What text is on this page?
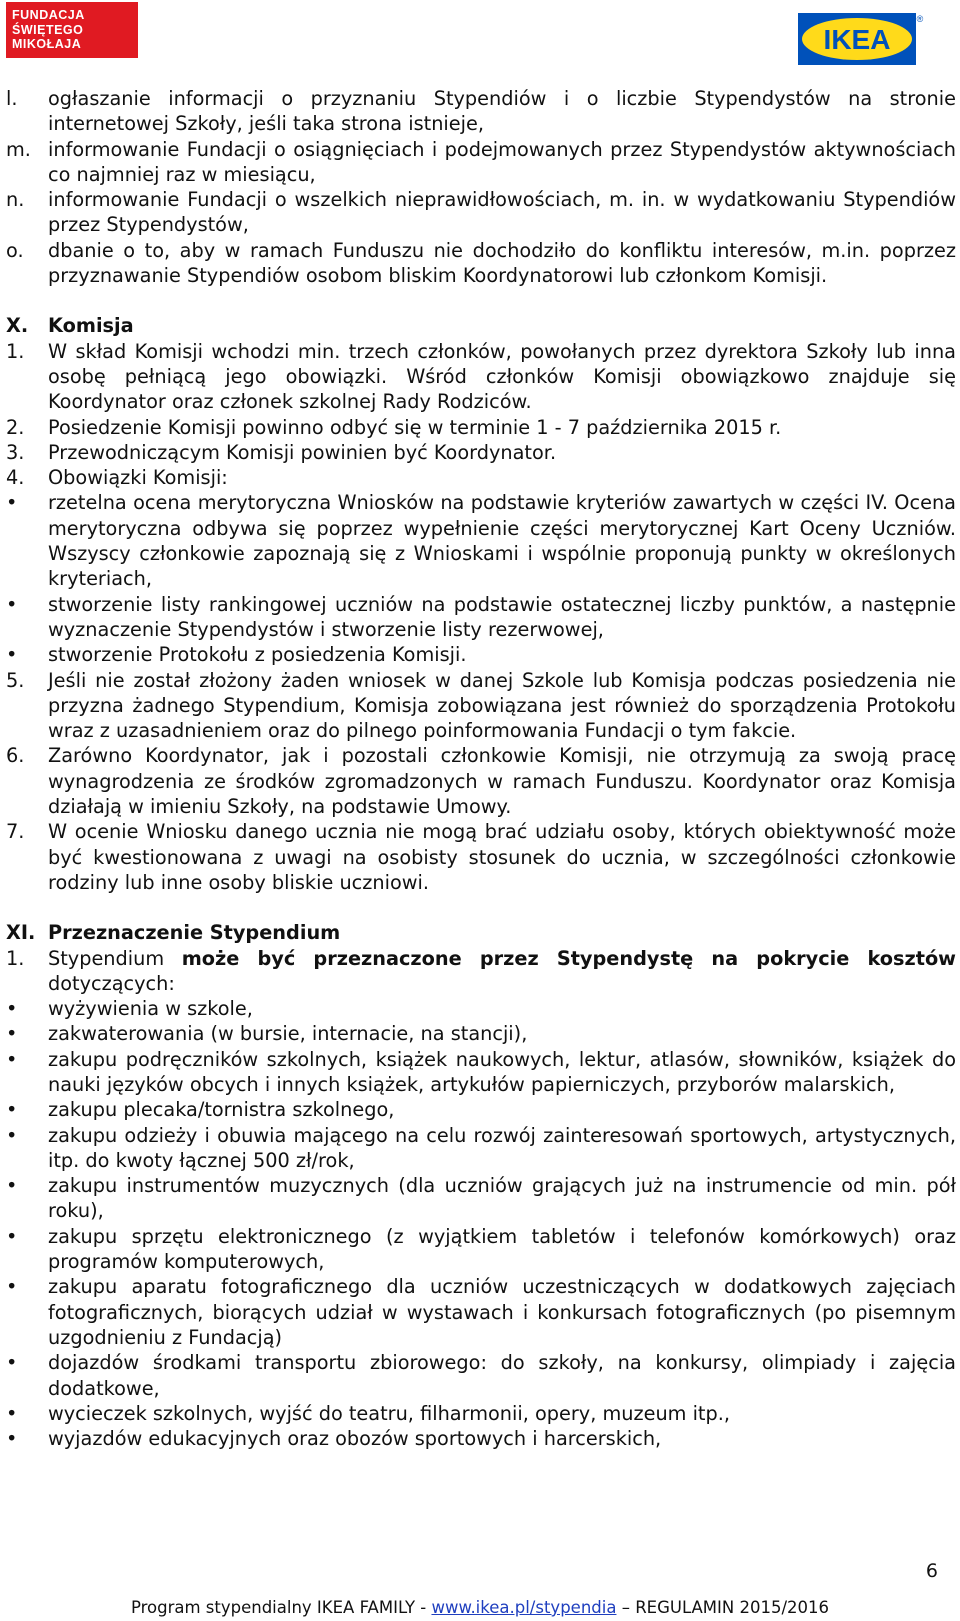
FUNDACJA
ŚWIĘTEGO
MIKOŁAJA	IKEA
®
l.	ogłaszanie informacji o przyznaniu Stypendiów i o liczbie Stypendystów na stronie internetowej Szkoły, jeśli taka strona istnieje,
m. informowanie Fundacji o osiągnięciach i podejmowanych przez Stypendystów aktywnościach co najmniej raz w miesiącu,
n.	informowanie Fundacji o wszelkich nieprawidłowościach, m. in. w wydatkowaniu Stypendiów przez Stypendystów,
o.	dbanie o to, aby w ramach Funduszu nie dochodziło do konfliktu interesów, m.in. poprzez przyznawanie Stypendiów osobom bliskim Koordynatorowi lub członkom Komisji.
X.	Komisja
1.	W skład Komisji wchodzi min. trzech członków, powołanych przez dyrektora Szkoły lub inna osobę pełniącą jego obowiązki. Wśród członków Komisji obowiązkowo znajduje się Koordynator oraz członek szkolnej Rady Rodziców.
2.	Posiedzenie Komisji powinno odbyć się w terminie 1 - 7 października 2015 r.
3.	Przewodniczącym Komisji powinien być Koordynator.
4.	Obowiązki Komisji:
•	rzetelna ocena merytoryczna Wniosków na podstawie kryteriów zawartych w części IV. Ocena merytoryczna odbywa się poprzez wypełnienie części merytorycznej Kart Oceny Uczniów. Wszyscy członkowie zapoznają się z Wnioskami i wspólnie proponują punkty w określonych kryteriach,
•	stworzenie listy rankingowej uczniów na podstawie ostatecznej liczby punktów, a następnie wyznaczenie Stypendystów i stworzenie listy rezerwowej,
•	stworzenie Protokołu z posiedzenia Komisji.
5.	Jeśli nie został złożony żaden wniosek w danej Szkole lub Komisja podczas posiedzenia nie przyzna żadnego Stypendium, Komisja zobowiązana jest również do sporządzenia Protokołu wraz z uzasadnieniem oraz do pilnego poinformowania Fundacji o tym fakcie.
6.	Zarówno Koordynator, jak i pozostali członkowie Komisji, nie otrzymują za swoją pracę wynagrodzenia ze środków zgromadzonych w ramach Funduszu. Koordynator oraz Komisja działają w imieniu Szkoły, na podstawie Umowy.
7.	W ocenie Wniosku danego ucznia nie mogą brać udziału osoby, których obiektywność może być kwestionowana z uwagi na osobisty stosunek do ucznia, w szczególności członkowie rodziny lub inne osoby bliskie uczniowi.
XI. Przeznaczenie Stypendium
1.	Stypendium może być przeznaczone przez Stypendystę na pokrycie kosztów dotyczących:
•	wyżywienia w szkole,
•	zakwaterowania (w bursie, internacie, na stancji),
•	zakupu podręczników szkolnych, książek naukowych, lektur, atlasów, słowników, książek do nauki języków obcych i innych książek, artykułów papierniczych, przyborów malarskich,
•	zakupu plecaka/tornistra szkolnego,
•	zakupu odzieży i obuwia mającego na celu rozwój zainteresowań sportowych, artystycznych, itp. do kwoty łącznej 500 zł/rok,
•	zakupu instrumentów muzycznych (dla uczniów grających już na instrumencie od min. pół roku),
•	zakupu sprzętu elektronicznego (z wyjątkiem tabletów i telefonów komórkowych) oraz programów komputerowych,
•	zakupu aparatu fotograficznego dla uczniów uczestniczących w dodatkowych zajęciach fotograficznych, biorących udział w wystawach i konkursach fotograficznych (po pisemnym uzgodnieniu z Fundacją)
•	dojazdów środkami transportu zbiorowego: do szkoły, na konkursy, olimpiady i zajęcia dodatkowe,
•	wycieczek szkolnych, wyjść do teatru, filharmonii, opery, muzeum itp.,
•	wyjazdów edukacyjnych oraz obozów sportowych i harcerskich,
6
Program stypendialny IKEA FAMILY - www.ikea.pl/stypendia – REGULAMIN 2015/2016
